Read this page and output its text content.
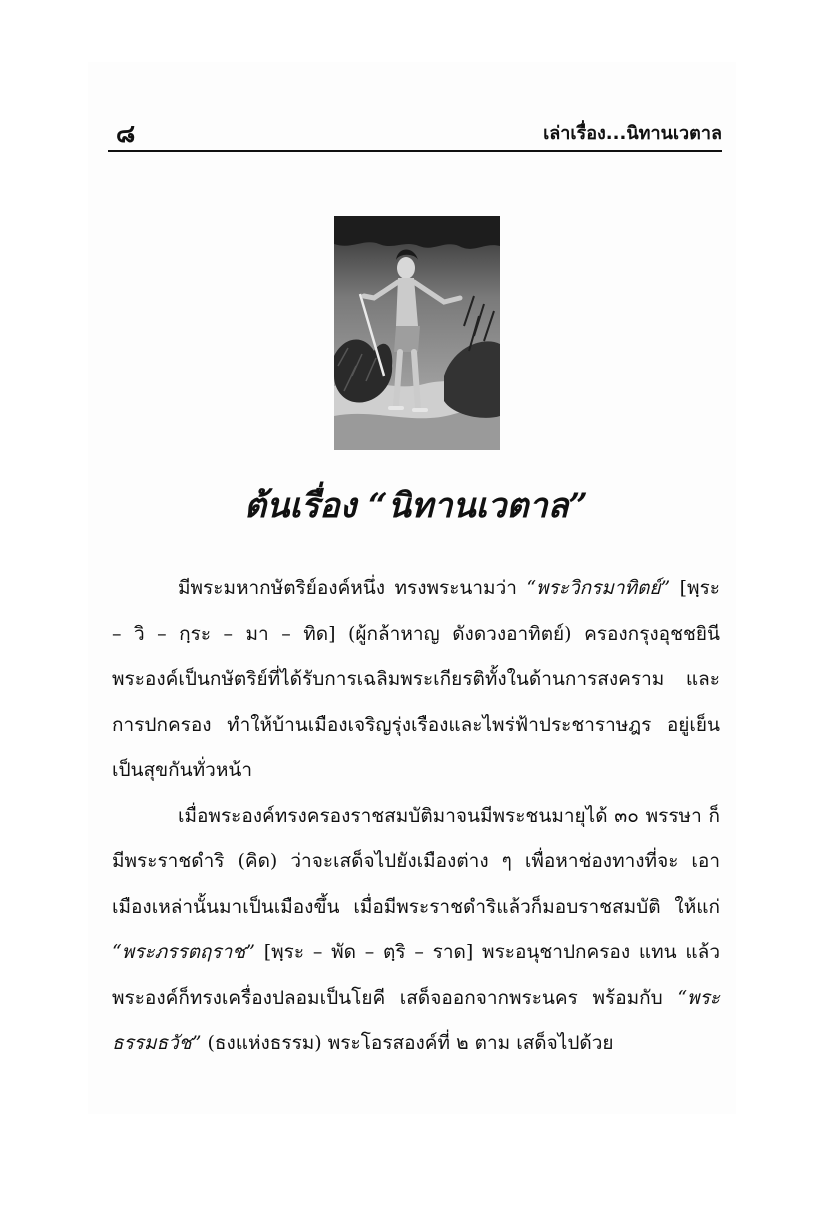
๘	เล่าเรื่อง...นิทานเวตาล
ต้นเรื่อง “นิทานเวตาล”

มีพระมหากษัตริย์องค์หนึ่ง ทรงพระนามว่า “พระวิกรมาทิตย์” [พฺระ – วิ – กฺระ – มา – ทิด] (ผู้กล้าหาญ ดังดวงอาทิตย์) ครองกรุงอุชชยินี พระองค์เป็นกษัตริย์ที่ได้รับการเฉลิมพระเกียรติทั้งในด้านการสงคราม และการปกครอง ทำให้บ้านเมืองเจริญรุ่งเรืองและไพร่ฟ้าประชาราษฎร อยู่เย็นเป็นสุขกันทั่วหน้า

เมื่อพระองค์ทรงครองราชสมบัติมาจนมีพระชนมายุได้ ๓๐ พรรษา ก็มีพระราชดำริ (คิด) ว่าจะเสด็จไปยังเมืองต่าง ๆ เพื่อหาช่องทางที่จะ เอาเมืองเหล่านั้นมาเป็นเมืองขึ้น เมื่อมีพระราชดำริแล้วก็มอบราชสมบัติ ให้แก่ “พระภรรตฤราช” [พฺระ – พัด – ตฺริ – ราด] พระอนุชาปกครอง แทน แล้วพระองค์ก็ทรงเครื่องปลอมเป็นโยคี เสด็จออกจากพระนคร พร้อมกับ “พระธรรมธวัช” (ธงแห่งธรรม) พระโอรสองค์ที่ ๒ ตาม เสด็จไปด้วย
